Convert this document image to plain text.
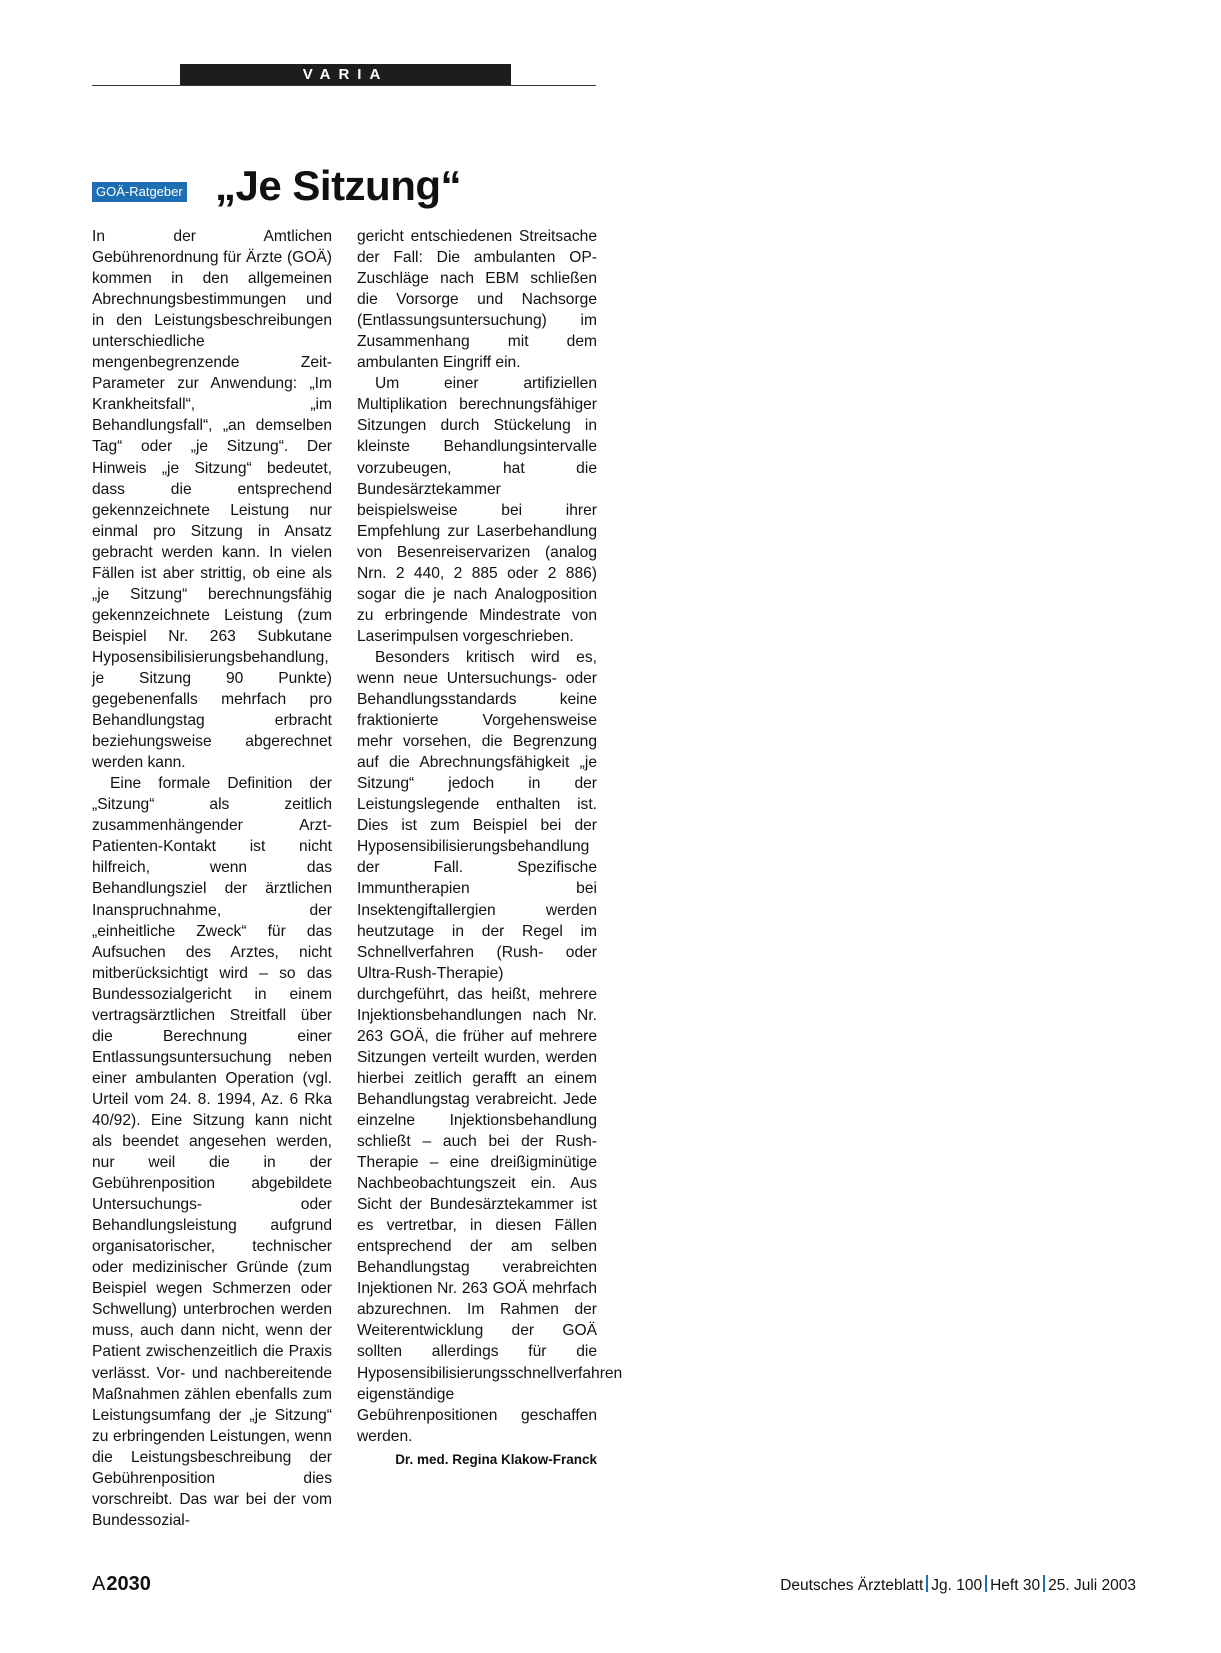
VARIA
GOÄ-Ratgeber „Je Sitzung“

In der Amtlichen Gebührenordnung für Ärzte (GOÄ) kommen in den allgemeinen Abrechnungsbestimmungen und in den Leistungsbeschreibungen unterschiedliche mengenbegrenzende Zeit-Parameter zur Anwendung: „Im Krankheitsfall“, „im Behandlungsfall“, „an demselben Tag“ oder „je Sitzung“. Der Hinweis „je Sitzung“ bedeutet, dass die entsprechend gekennzeichnete Leistung nur einmal pro Sitzung in Ansatz gebracht werden kann. In vielen Fällen ist aber strittig, ob eine als „je Sitzung“ berechnungsfähig gekennzeichnete Leistung (zum Beispiel Nr. 263 Subkutane Hyposensibilisierungsbehandlung, je Sitzung 90 Punkte) gegebenenfalls mehrfach pro Behandlungstag erbracht beziehungsweise abgerechnet werden kann.

Eine formale Definition der „Sitzung“ als zeitlich zusammenhängender Arzt-Patienten-Kontakt ist nicht hilfreich, wenn das Behandlungsziel der ärztlichen Inanspruchnahme, der „einheitliche Zweck“ für das Aufsuchen des Arztes, nicht mitberücksichtigt wird – so das Bundessozialgericht in einem vertragsärztlichen Streitfall über die Berechnung einer Entlassungsuntersuchung neben einer ambulanten Operation (vgl. Urteil vom 24. 8. 1994, Az. 6 Rka 40/92). Eine Sitzung kann nicht als beendet angesehen werden, nur weil die in der Gebührenposition abgebildete Untersuchungs- oder Behandlungsleistung aufgrund organisatorischer, technischer oder medizinischer Gründe (zum Beispiel wegen Schmerzen oder Schwellung) unterbrochen werden muss, auch dann nicht, wenn der Patient zwischenzeitlich die Praxis verlässt. Vor- und nachbereitende Maßnahmen zählen ebenfalls zum Leistungsumfang der „je Sitzung“ zu erbringenden Leistungen, wenn die Leistungsbeschreibung der Gebührenposition dies vorschreibt. Das war bei der vom Bundessozial-

gericht entschiedenen Streitsache der Fall: Die ambulanten OP-Zuschläge nach EBM schließen die Vorsorge und Nachsorge (Entlassungsuntersuchung) im Zusammenhang mit dem ambulanten Eingriff ein.

Um einer artifiziellen Multiplikation berechnungsfähiger Sitzungen durch Stückelung in kleinste Behandlungsintervalle vorzubeugen, hat die Bundesärztekammer beispielsweise bei ihrer Empfehlung zur Laserbehandlung von Besenreiservarizen (analog Nrn. 2 440, 2 885 oder 2 886) sogar die je nach Analogposition zu erbringende Mindestrate von Laserimpulsen vorgeschrieben.

Besonders kritisch wird es, wenn neue Untersuchungs- oder Behandlungsstandards keine fraktionierte Vorgehensweise mehr vorsehen, die Begrenzung auf die Abrechnungsfähigkeit „je Sitzung“ jedoch in der Leistungslegende enthalten ist. Dies ist zum Beispiel bei der Hyposensibilisierungsbehandlung der Fall. Spezifische Immuntherapien bei Insektengiftallergien werden heutzutage in der Regel im Schnellverfahren (Rush- oder Ultra-Rush-Therapie) durchgeführt, das heißt, mehrere Injektionsbehandlungen nach Nr. 263 GOÄ, die früher auf mehrere Sitzungen verteilt wurden, werden hierbei zeitlich gerafft an einem Behandlungstag verabreicht. Jede einzelne Injektionsbehandlung schließt – auch bei der Rush-Therapie – eine dreißigminütige Nachbeobachtungszeit ein. Aus Sicht der Bundesärztekammer ist es vertretbar, in diesen Fällen entsprechend der am selben Behandlungstag verabreichten Injektionen Nr. 263 GOÄ mehrfach abzurechnen. Im Rahmen der Weiterentwicklung der GOÄ sollten allerdings für die Hyposensibilisierungsschnellverfahren eigenständige Gebührenpositionen geschaffen werden.

Dr. med. Regina Klakow-Franck
A2030	Deutsches Ärzteblatt Jg. 100 Heft 30 25. Juli 2003
